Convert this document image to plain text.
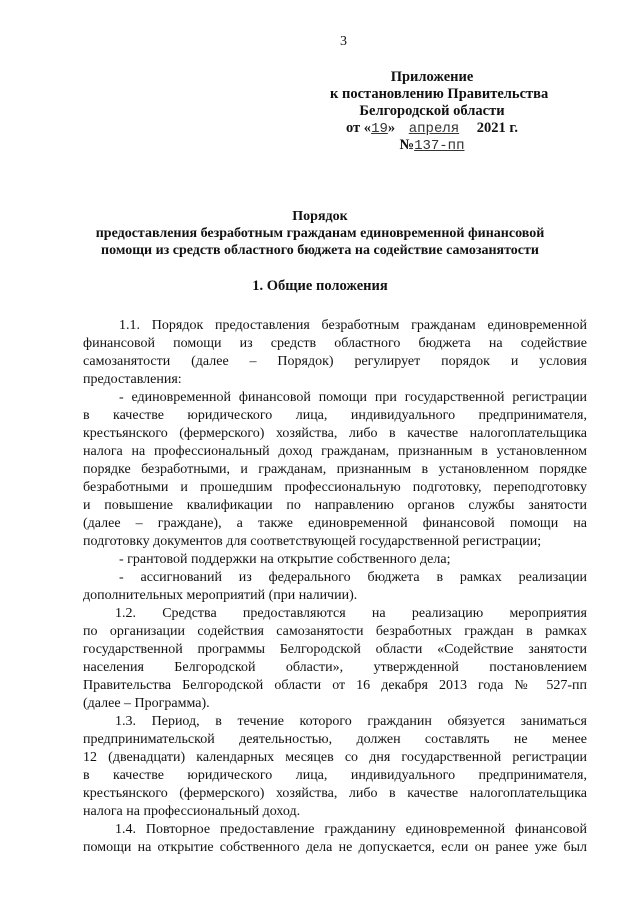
3
Приложение
к постановлению Правительства
Белгородской области
от «19» апреля 2021 г.
№137-пп
Порядок
предоставления безработным гражданам единовременной финансовой
помощи из средств областного бюджета на содействие самозанятости
1. Общие положения
1.1. Порядок предоставления безработным гражданам единовременной
финансовой помощи из средств областного бюджета на содействие
самозанятости (далее – Порядок) регулирует порядок и условия
предоставления:
- единовременной финансовой помощи при государственной регистрации
в качестве юридического лица, индивидуального предпринимателя,
крестьянского (фермерского) хозяйства, либо в качестве налогоплательщика
налога на профессиональный доход гражданам, признанным в установленном
порядке безработными, и гражданам, признанным в установленном порядке
безработными и прошедшим профессиональную подготовку, переподготовку
и повышение квалификации по направлению органов службы занятости
(далее – граждане), а также единовременной финансовой помощи на
подготовку документов для соответствующей государственной регистрации;
- грантовой поддержки на открытие собственного дела;
- ассигнований из федерального бюджета в рамках реализации
дополнительных мероприятий (при наличии).
1.2. Средства предоставляются на реализацию мероприятия
по организации содействия самозанятости безработных граждан в рамках
государственной программы Белгородской области «Содействие занятости
населения Белгородской области», утвержденной постановлением
Правительства Белгородской области от 16 декабря 2013 года № 527-пп
(далее – Программа).
1.3. Период, в течение которого гражданин обязуется заниматься
предпринимательской деятельностью, должен составлять не менее
12 (двенадцати) календарных месяцев со дня государственной регистрации
в качестве юридического лица, индивидуального предпринимателя,
крестьянского (фермерского) хозяйства, либо в качестве налогоплательщика
налога на профессиональный доход.
1.4. Повторное предоставление гражданину единовременной финансовой
помощи на открытие собственного дела не допускается, если он ранее уже был
